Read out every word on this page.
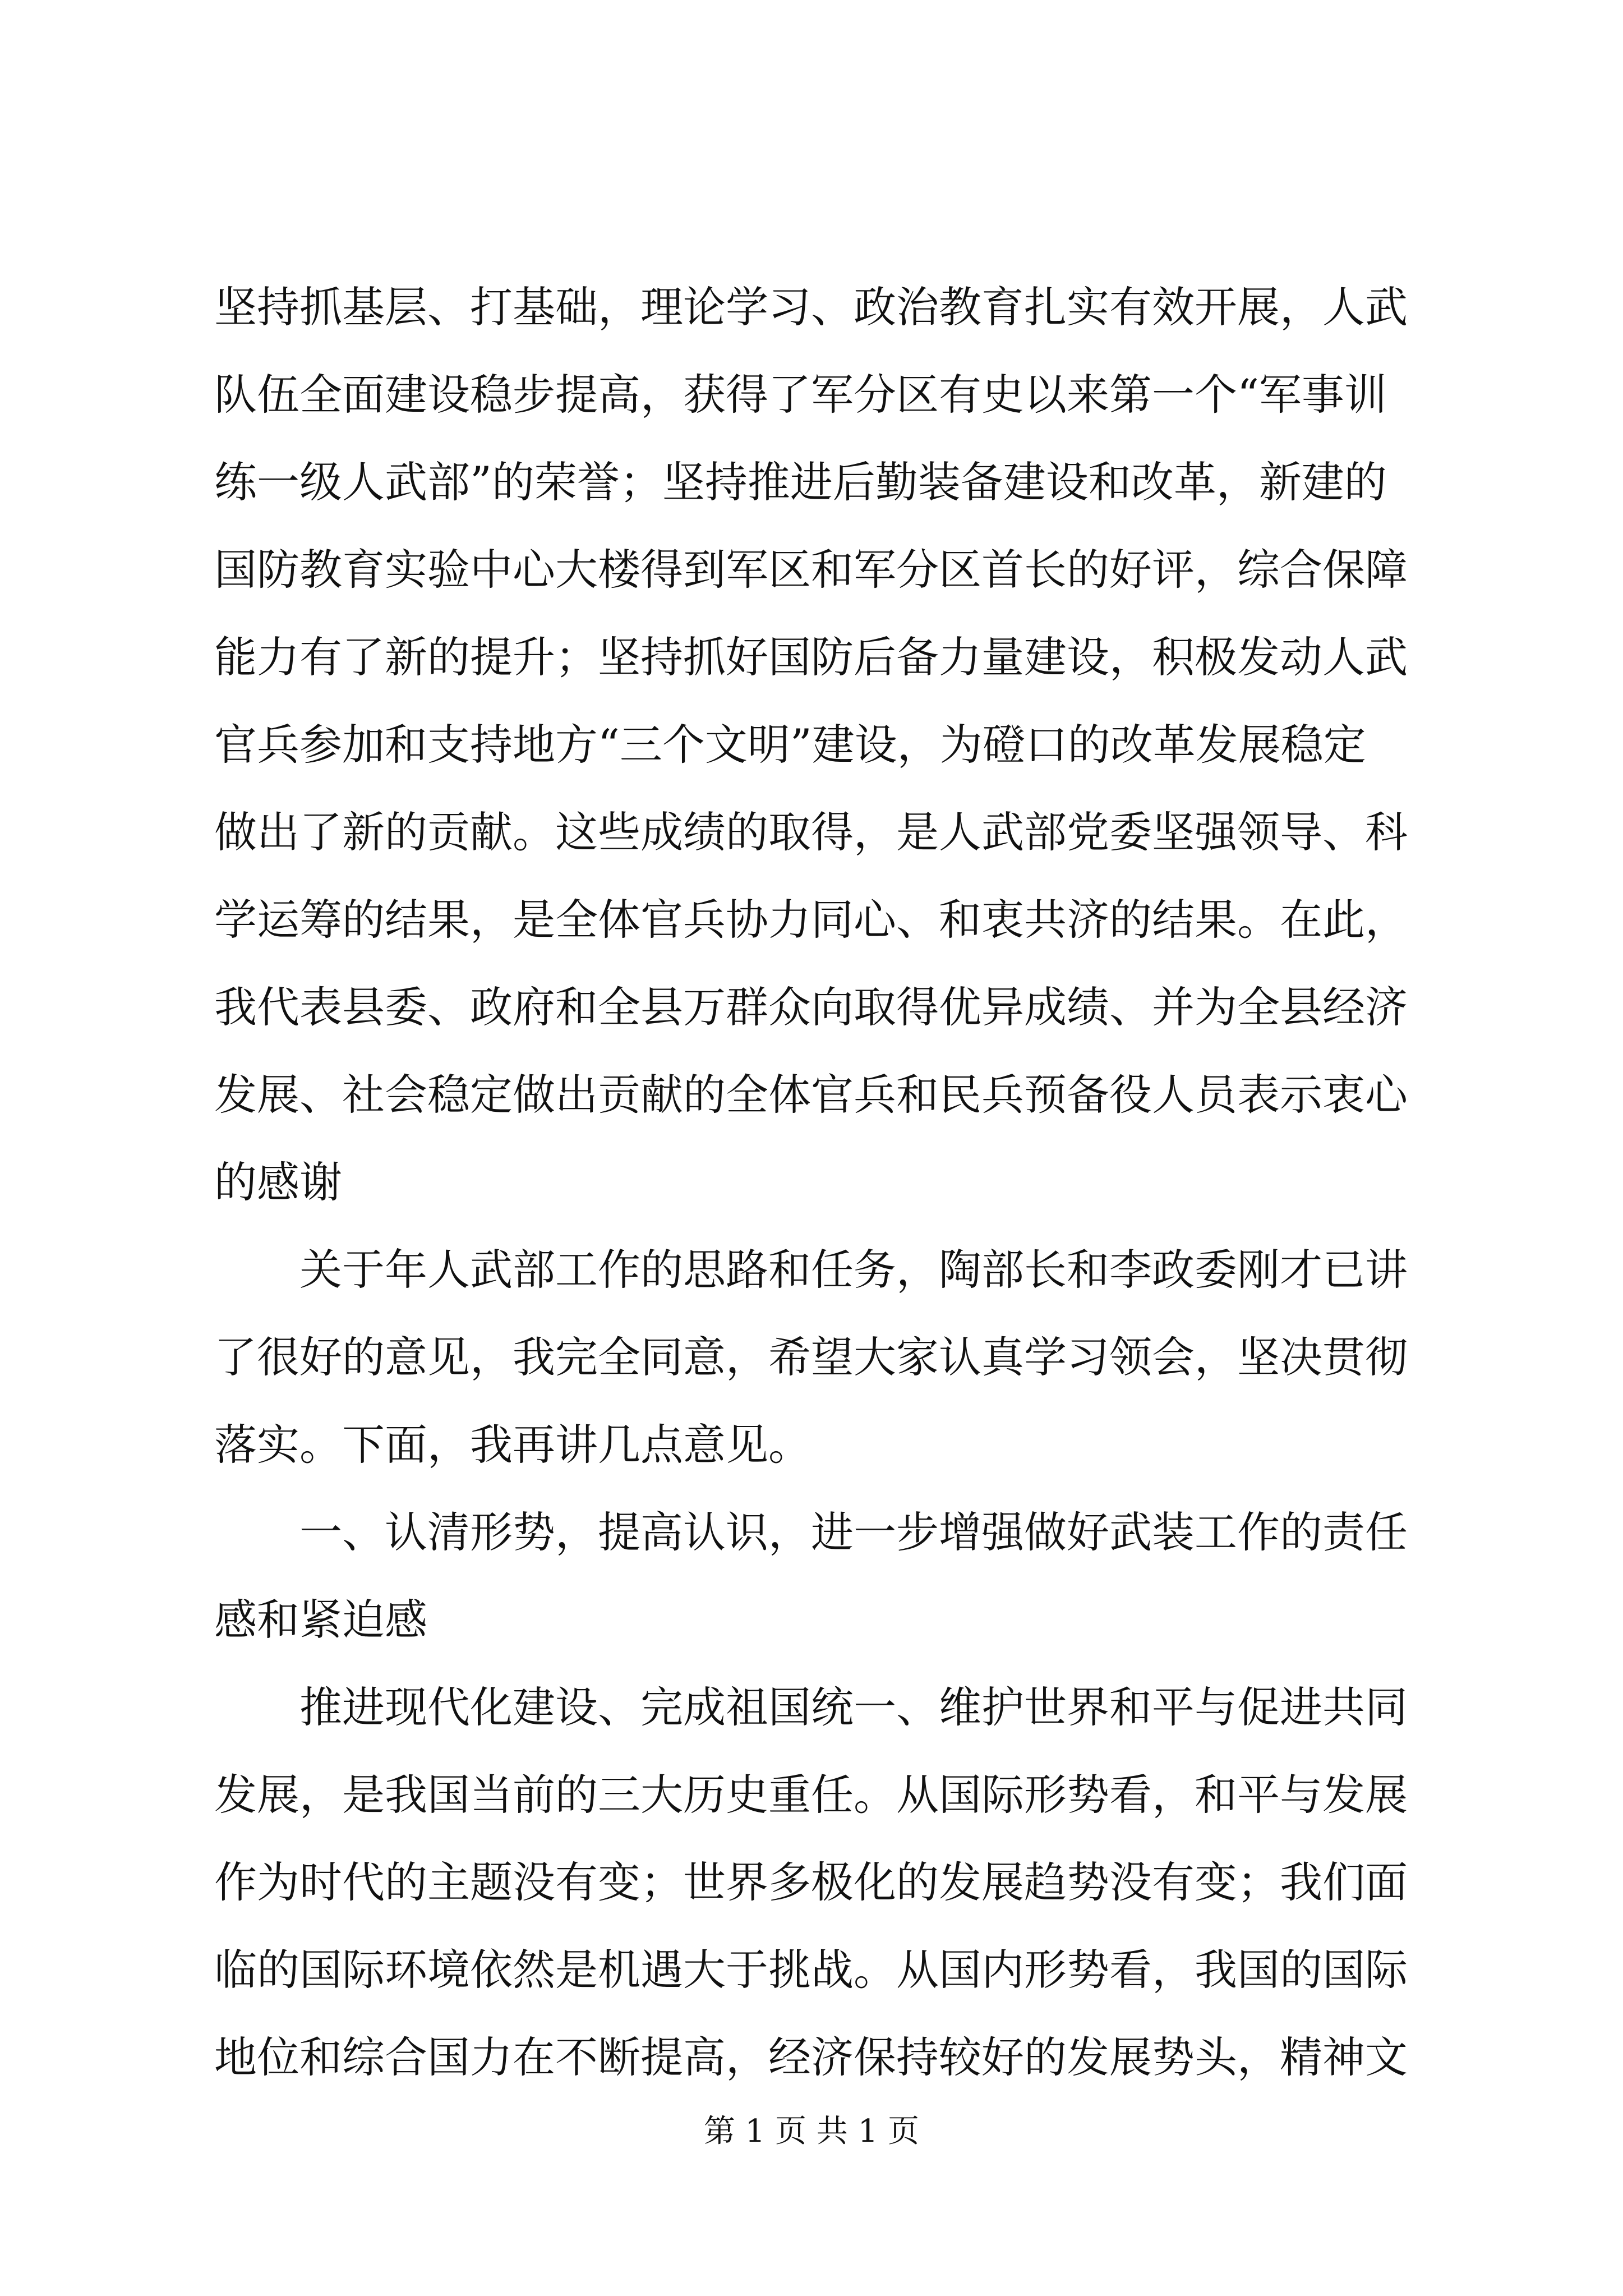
坚持抓基层、打基础，理论学习、政治教育扎实有效开展，人武
队伍全面建设稳步提高，获得了军分区有史以来第一个“军事训
练一级人武部”的荣誉；坚持推进后勤装备建设和改革，新建的
国防教育实验中心大楼得到军区和军分区首长的好评，综合保障
能力有了新的提升；坚持抓好国防后备力量建设，积极发动人武
官兵参加和支持地方“三个文明”建设，为磴口的改革发展稳定
做出了新的贡献。这些成绩的取得，是人武部党委坚强领导、科
学运筹的结果，是全体官兵协力同心、和衷共济的结果。在此，
我代表县委、政府和全县万群众向取得优异成绩、并为全县经济
发展、社会稳定做出贡献的全体官兵和民兵预备役人员表示衷心
的感谢
关于年人武部工作的思路和任务，陶部长和李政委刚才已讲
了很好的意见，我完全同意，希望大家认真学习领会，坚决贯彻
落实。下面，我再讲几点意见。
一、认清形势，提高认识，进一步增强做好武装工作的责任
感和紧迫感
推进现代化建设、完成祖国统一、维护世界和平与促进共同
发展，是我国当前的三大历史重任。从国际形势看，和平与发展
作为时代的主题没有变；世界多极化的发展趋势没有变；我们面
临的国际环境依然是机遇大于挑战。从国内形势看，我国的国际
地位和综合国力在不断提高，经济保持较好的发展势头，精神文
第 1 页 共 1 页
